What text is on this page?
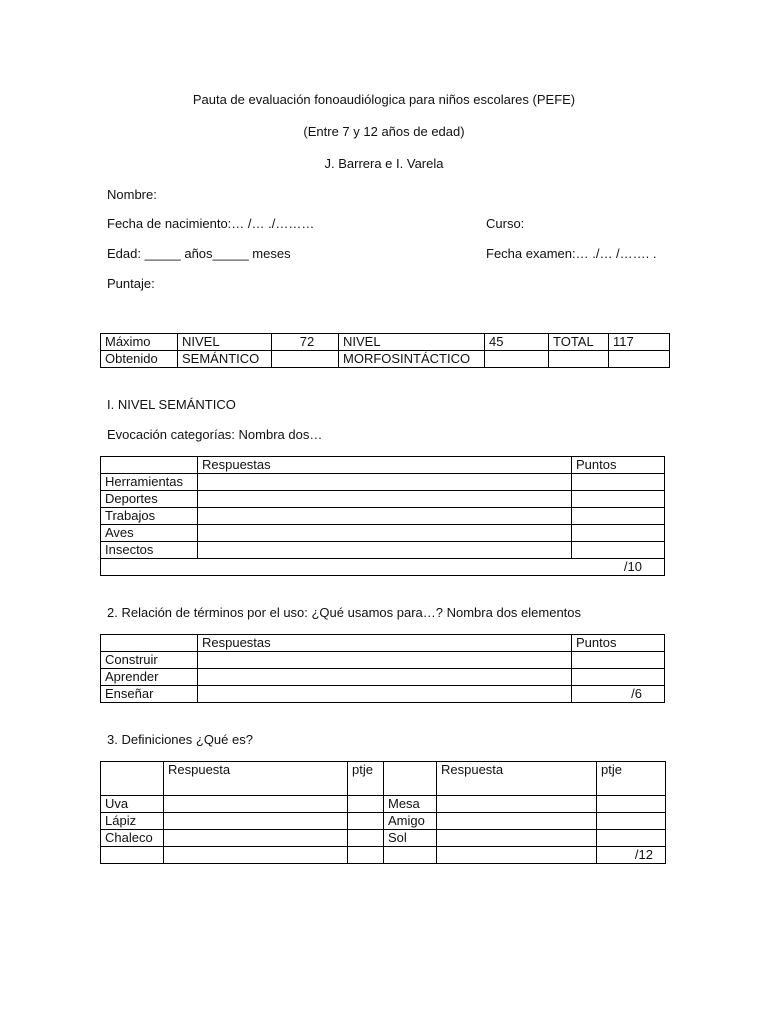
Pauta de evaluación fonoaudiólogica para niños escolares (PEFE)
(Entre 7 y 12 años de edad)
J. Barrera e I. Varela
Nombre:
Fecha de nacimiento:… /… ./………	Curso:
Edad: _____ años_____ meses	Fecha examen:… ./… /……. .
Puntaje:
Máximo	NIVEL	72	NIVEL	45	TOTAL	117
Obtenido	SEMÁNTICO		MORFOSINTÁCTICO			
I. NIVEL SEMÁNTICO
Evocación categorías: Nombra dos…
	Respuestas	Puntos
Herramientas		
Deportes		
Trabajos		
Aves		
Insectos		
/10		
2. Relación de términos por el uso: ¿Qué usamos para…? Nombra dos elementos
	Respuestas	Puntos
Construir		
Aprender		
Enseñar		/6
3. Definiciones ¿Qué es?
	Respuesta	ptje		Respuesta	ptje
Uva			Mesa		
Lápiz			Amigo		
Chaleco			Sol		
					/12
